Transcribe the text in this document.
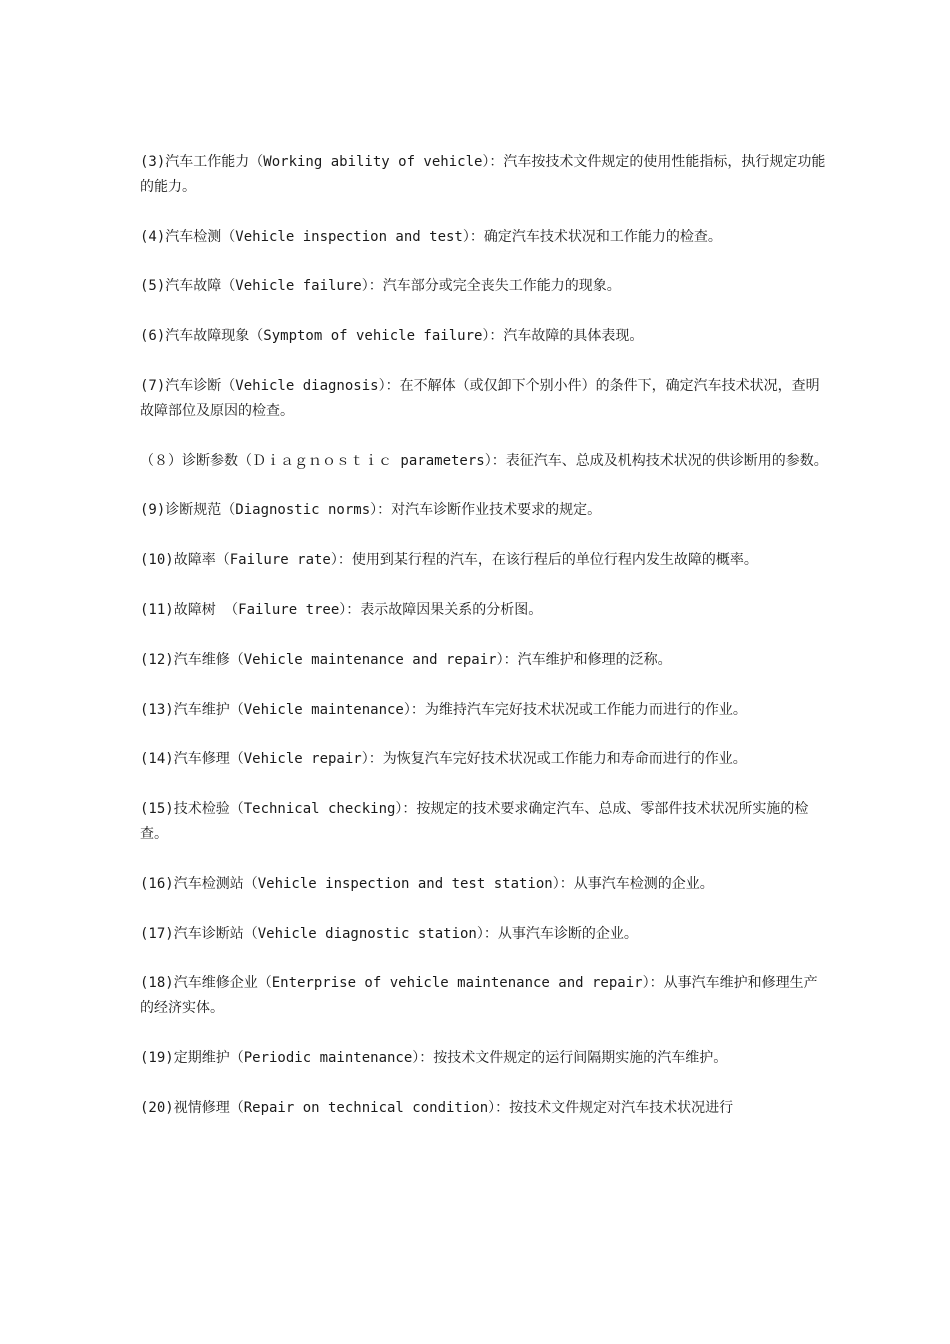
(3)汽车工作能力（Working ability of vehicle）：汽车按技术文件规定的使用性能指标，执行规定功能的能力。

(4)汽车检测（Vehicle inspection and test）：确定汽车技术状况和工作能力的检查。

(5)汽车故障（Vehicle failure）：汽车部分或完全丧失工作能力的现象。

(6)汽车故障现象（Symptom of vehicle failure）：汽车故障的具体表现。

(7)汽车诊断（Vehicle diagnosis）：在不解体（或仅卸下个别小件）的条件下，确定汽车技术状况，查明故障部位及原因的检查。

（８）诊断参数（Ｄｉａｇｎｏｓｔｉｃ parameters）：表征汽车、总成及机构技术状况的供诊断用的参数。

(9)诊断规范（Diagnostic norms）：对汽车诊断作业技术要求的规定。

(10)故障率（Failure rate）：使用到某行程的汽车，在该行程后的单位行程内发生故障的概率。

(11)故障树 （Failure tree）：表示故障因果关系的分析图。

(12)汽车维修（Vehicle maintenance and repair）：汽车维护和修理的泛称。

(13)汽车维护（Vehicle maintenance）：为维持汽车完好技术状况或工作能力而进行的作业。

(14)汽车修理（Vehicle repair）：为恢复汽车完好技术状况或工作能力和寿命而进行的作业。

(15)技术检验（Technical checking）：按规定的技术要求确定汽车、总成、零部件技术状况所实施的检查。

(16)汽车检测站（Vehicle inspection and test station）：从事汽车检测的企业。

(17)汽车诊断站（Vehicle diagnostic station）：从事汽车诊断的企业。

(18)汽车维修企业（Enterprise of vehicle maintenance and repair）：从事汽车维护和修理生产的经济实体。

(19)定期维护（Periodic maintenance）：按技术文件规定的运行间隔期实施的汽车维护。

(20)视情修理（Repair on technical condition）：按技术文件规定对汽车技术状况进行
